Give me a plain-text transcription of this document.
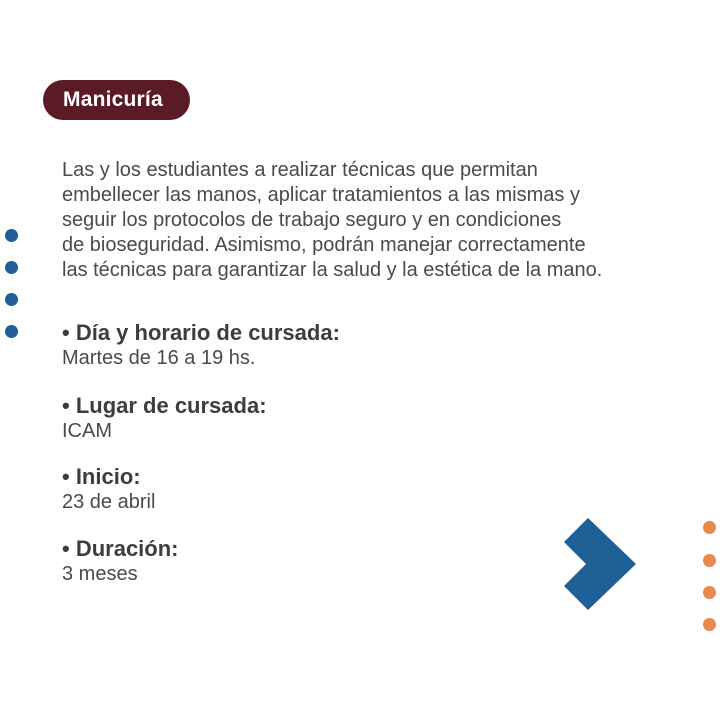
Manicuría
Las y los estudiantes a realizar técnicas que permitan
embellecer las manos, aplicar tratamientos a las mismas y
seguir los protocolos de trabajo seguro y en condiciones
de bioseguridad. Asimismo, podrán manejar correctamente
las técnicas para garantizar la salud y la estética de la mano.
• Día y horario de cursada:
Martes de 16 a 19 hs.
• Lugar de cursada:
ICAM
• Inicio:
23 de abril
• Duración:
3 meses
